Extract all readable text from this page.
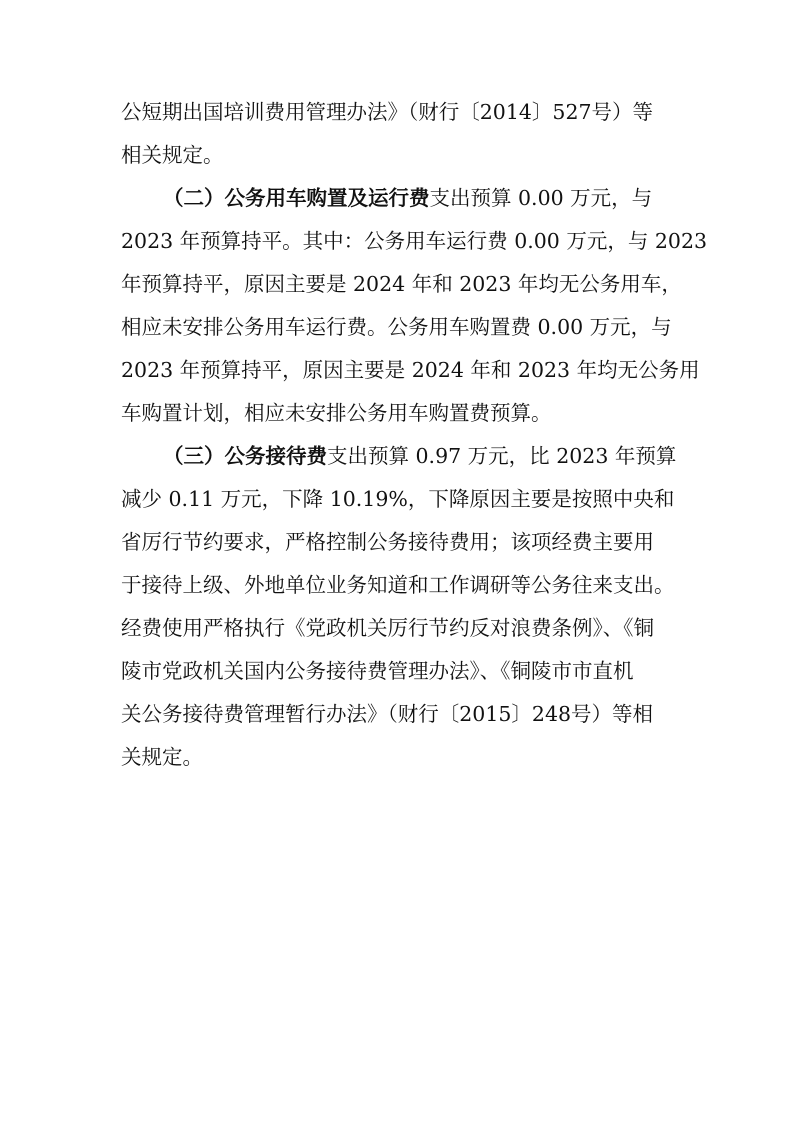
公短期出国培训费用管理办法》（财行〔2014〕527号）等
相关规定。
（二）公务用车购置及运行费支出预算 0.00 万元，与
2023 年预算持平。其中：公务用车运行费 0.00 万元，与 2023
年预算持平，原因主要是 2024 年和 2023 年均无公务用车，
相应未安排公务用车运行费。公务用车购置费 0.00 万元，与
2023 年预算持平，原因主要是 2024 年和 2023 年均无公务用
车购置计划，相应未安排公务用车购置费预算。
（三）公务接待费支出预算 0.97 万元，比 2023 年预算
减少 0.11 万元，下降 10.19%，下降原因主要是按照中央和
省厉行节约要求，严格控制公务接待费用；该项经费主要用
于接待上级、外地单位业务知道和工作调研等公务往来支出。
经费使用严格执行《党政机关厉行节约反对浪费条例》、《铜
陵市党政机关国内公务接待费管理办法》、《铜陵市市直机
关公务接待费管理暂行办法》（财行〔2015〕248号）等相
关规定。
